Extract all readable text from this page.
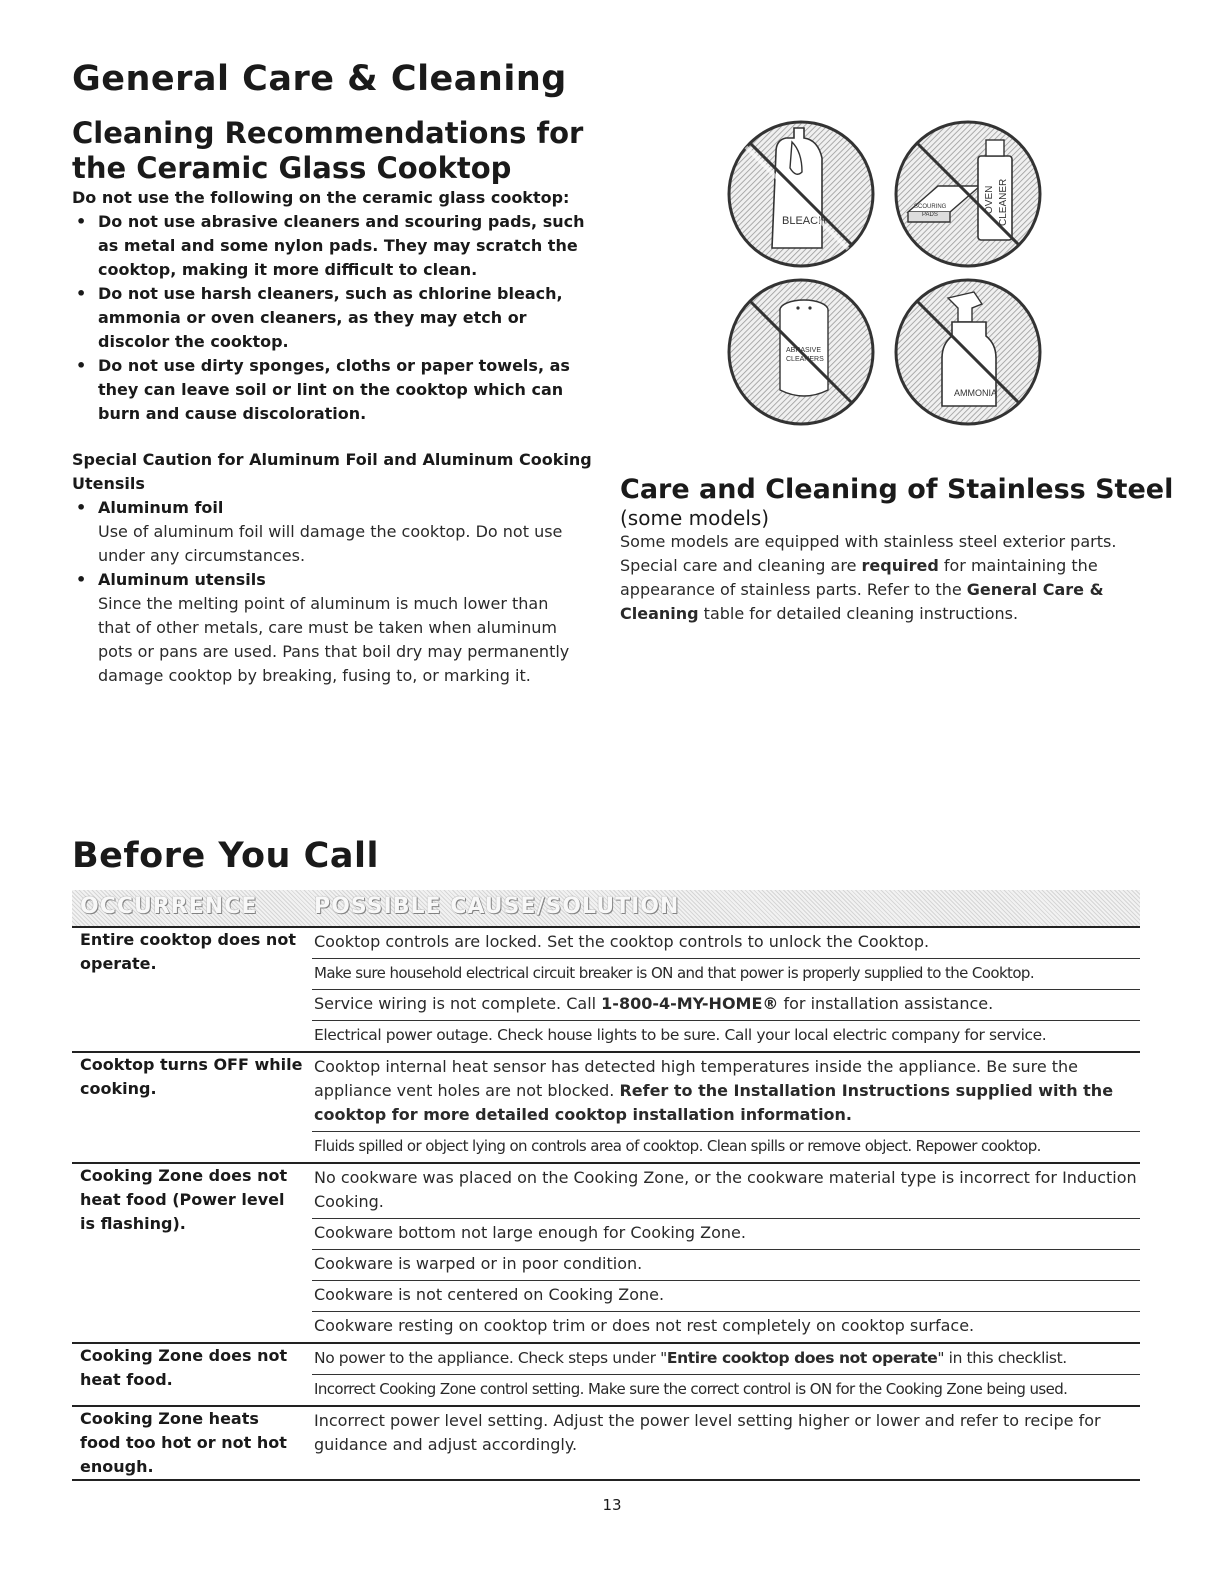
General Care & Cleaning
Cleaning Recommendations for the Ceramic Glass Cooktop
Do not use the following on the ceramic glass cooktop:
• Do not use abrasive cleaners and scouring pads, such as metal and some nylon pads. They may scratch the cooktop, making it more difficult to clean.
• Do not use harsh cleaners, such as chlorine bleach, ammonia or oven cleaners, as they may etch or discolor the cooktop.
• Do not use dirty sponges, cloths or paper towels, as they can leave soil or lint on the cooktop which can burn and cause discoloration.
Special Caution for Aluminum Foil and Aluminum Cooking Utensils
• Aluminum foil
Use of aluminum foil will damage the cooktop. Do not use under any circumstances.
• Aluminum utensils
Since the melting point of aluminum is much lower than that of other metals, care must be taken when aluminum pots or pans are used. Pans that boil dry may permanently damage cooktop by breaking, fusing to, or marking it.
BLEACH
SCOURING
PADS
OVEN CLEANER
ABRASIVE
CLEANERS
AMMONIA
Care and Cleaning of Stainless Steel
(some models)
Some models are equipped with stainless steel exterior parts. Special care and cleaning are required for maintaining the appearance of stainless parts. Refer to the General Care & Cleaning table for detailed cleaning instructions.
Before You Call
OCCURRENCE	POSSIBLE CAUSE/SOLUTION
Entire cooktop does not operate.
Cooktop controls are locked. Set the cooktop controls to unlock the Cooktop.
Make sure household electrical circuit breaker is ON and that power is properly supplied to the Cooktop.
Service wiring is not complete. Call 1-800-4-MY-HOME® for installation assistance.
Electrical power outage. Check house lights to be sure. Call your local electric company for service.
Cooktop turns OFF while cooking.
Cooktop internal heat sensor has detected high temperatures inside the appliance. Be sure the appliance vent holes are not blocked. Refer to the Installation Instructions supplied with the cooktop for more detailed cooktop installation information.
Fluids spilled or object lying on controls area of cooktop. Clean spills or remove object. Repower cooktop.
Cooking Zone does not heat food (Power level is flashing).
No cookware was placed on the Cooking Zone, or the cookware material type is incorrect for Induction Cooking.
Cookware bottom not large enough for Cooking Zone.
Cookware is warped or in poor condition.
Cookware is not centered on Cooking Zone.
Cookware resting on cooktop trim or does not rest completely on cooktop surface.
Cooking Zone does not heat food.
No power to the appliance. Check steps under "Entire cooktop does not operate" in this checklist.
Incorrect Cooking Zone control setting. Make sure the correct control is ON for the Cooking Zone being used.
Cooking Zone heats food too hot or not hot enough.
Incorrect power level setting. Adjust the power level setting higher or lower and refer to recipe for guidance and adjust accordingly.
13
